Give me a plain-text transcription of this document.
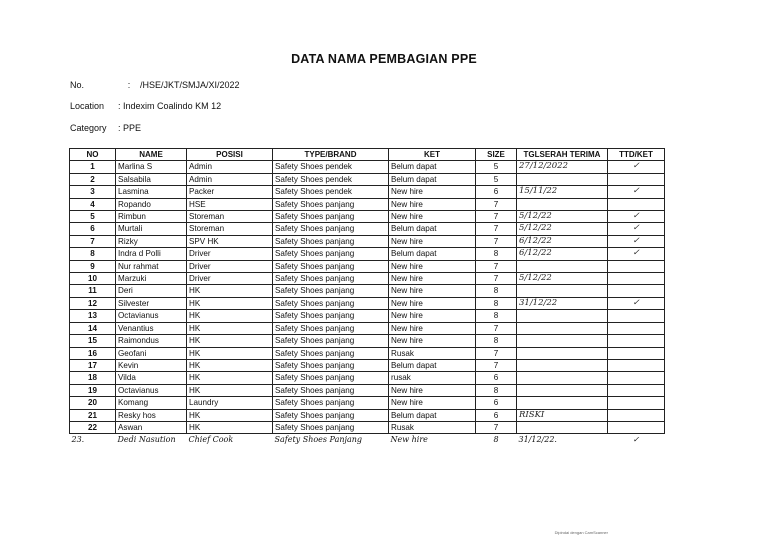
DATA NAMA PEMBAGIAN PPE
No.	: /HSE/JKT/SMJA/XI/2022
Location : Indexim Coalindo KM 12
Category : PPE
NO	NAME	POSISI	TYPE/BRAND	KET	SIZE	TGLSERAH TERIMA	TTD/KET
1	Marlina S	Admin	Safety Shoes pendek	Belum dapat	5	27/12/2022	✓
2	Salsabila	Admin	Safety Shoes pendek	Belum dapat	5		
3	Lasmina	Packer	Safety Shoes pendek	New hire	6	15/11/22	✓
4	Ropando	HSE	Safety Shoes panjang	New hire	7		
5	Rimbun	Storeman	Safety Shoes panjang	New hire	7	5/12/22	✓
6	Murtali	Storeman	Safety Shoes panjang	Belum dapat	7	5/12/22	✓
7	Rizky	SPV HK	Safety Shoes panjang	New hire	7	6/12/22	✓
8	Indra d Polli	Driver	Safety Shoes panjang	Belum dapat	8	6/12/22	✓
9	Nur rahmat	Driver	Safety Shoes panjang	New hire	7		
10	Marzuki	Driver	Safety Shoes panjang	New hire	7	5/12/22	
11	Deri	HK	Safety Shoes panjang	New hire	8		
12	Silvester	HK	Safety Shoes panjang	New hire	8	31/12/22	✓
13	Octavianus	HK	Safety Shoes panjang	New hire	8		
14	Venantius	HK	Safety Shoes panjang	New hire	7		
15	Raimondus	HK	Safety Shoes panjang	New hire	8		
16	Geofani	HK	Safety Shoes panjang	Rusak	7		
17	Kevin	HK	Safety Shoes panjang	Belum dapat	7		
18	Vilda	HK	Safety Shoes panjang	rusak	6		
19	Octavianus	HK	Safety Shoes panjang	New hire	8		
20	Komang	Laundry	Safety Shoes panjang	New hire	6		
21	Resky hos	HK	Safety Shoes panjang	Belum dapat	6	RISKI	
22	Aswan	HK	Safety Shoes panjang	Rusak	7		
23.	Dedi Nasution	Chief Cook	Safety Shoes Panjang	New hire	8	31/12/22.	✓
Dipindai dengan CamScanner
